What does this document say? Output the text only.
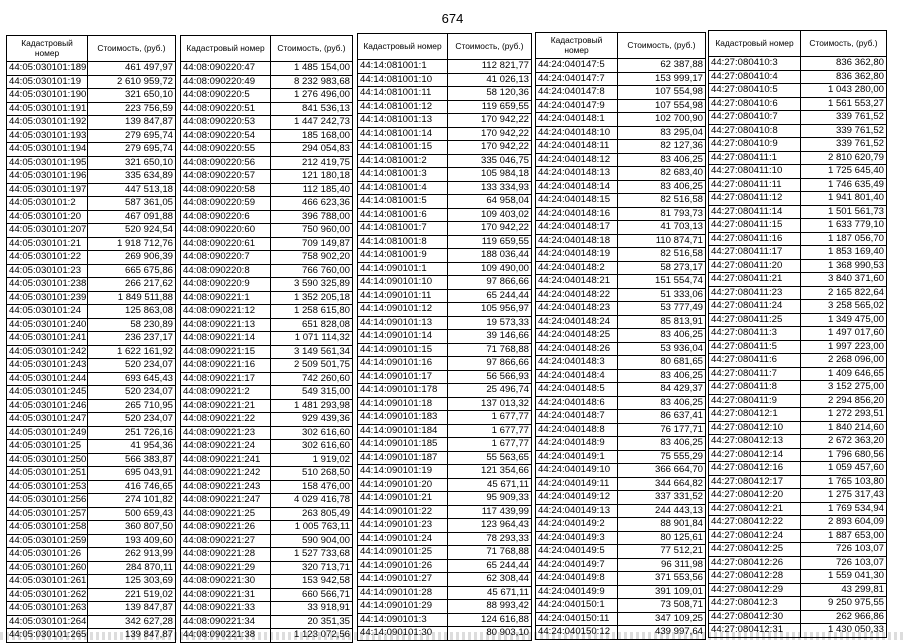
674
Кадастровый номер	Стоимость, (руб.)
44:05:030101:189	461 497,97
44:05:030101:19	2 610 959,72
44:05:030101:190	321 650,10
44:05:030101:191	223 756,59
44:05:030101:192	139 847,87
44:05:030101:193	279 695,74
44:05:030101:194	279 695,74
44:05:030101:195	321 650,10
44:05:030101:196	335 634,89
44:05:030101:197	447 513,18
44:05:030101:2	587 361,05
44:05:030101:20	467 091,88
44:05:030101:207	520 924,54
44:05:030101:21	1 918 712,76
44:05:030101:22	269 906,39
44:05:030101:23	665 675,86
44:05:030101:238	266 217,62
44:05:030101:239	1 849 511,88
44:05:030101:24	125 863,08
44:05:030101:240	58 230,89
44:05:030101:241	236 237,17
44:05:030101:242	1 622 161,92
44:05:030101:243	520 234,07
44:05:030101:244	693 645,43
44:05:030101:245	520 234,07
44:05:030101:246	265 710,95
44:05:030101:247	520 234,07
44:05:030101:249	251 726,16
44:05:030101:25	41 954,36
44:05:030101:250	566 383,87
44:05:030101:251	695 043,91
44:05:030101:253	416 746,65
44:05:030101:256	274 101,82
44:05:030101:257	500 659,43
44:05:030101:258	360 807,50
44:05:030101:259	193 409,60
44:05:030101:26	262 913,99
44:05:030101:260	284 870,11
44:05:030101:261	125 303,69
44:05:030101:262	221 519,02
44:05:030101:263	139 847,87
44:05:030101:264	342 627,28
44:05:030101:265	139 847,87
Кадастровый номер	Стоимость, (руб.)
44:08:090220:47	1 485 154,00
44:08:090220:49	8 232 983,68
44:08:090220:5	1 276 496,00
44:08:090220:51	841 536,13
44:08:090220:53	1 447 242,73
44:08:090220:54	185 168,00
44:08:090220:55	294 054,83
44:08:090220:56	212 419,75
44:08:090220:57	121 180,18
44:08:090220:58	112 185,40
44:08:090220:59	466 623,36
44:08:090220:6	396 788,00
44:08:090220:60	750 960,00
44:08:090220:61	709 149,87
44:08:090220:7	758 902,20
44:08:090220:8	766 760,00
44:08:090220:9	3 590 325,89
44:08:090221:1	1 352 205,18
44:08:090221:12	1 258 615,80
44:08:090221:13	651 828,08
44:08:090221:14	1 071 114,32
44:08:090221:15	3 149 561,34
44:08:090221:16	2 509 501,75
44:08:090221:17	742 260,60
44:08:090221:2	549 315,00
44:08:090221:21	1 481 293,98
44:08:090221:22	929 439,36
44:08:090221:23	302 616,60
44:08:090221:24	302 616,60
44:08:090221:241	1 919,02
44:08:090221:242	510 268,50
44:08:090221:243	158 476,00
44:08:090221:247	4 029 416,78
44:08:090221:25	263 805,49
44:08:090221:26	1 005 763,11
44:08:090221:27	590 904,00
44:08:090221:28	1 527 733,68
44:08:090221:29	320 713,71
44:08:090221:30	153 942,58
44:08:090221:31	660 566,71
44:08:090221:33	33 918,91
44:08:090221:34	20 351,35
44:08:090221:38	1 123 072,56
Кадастровый номер	Стоимость, (руб.)
44:14:081001:1	112 821,77
44:14:081001:10	41 026,13
44:14:081001:11	58 120,36
44:14:081001:12	119 659,55
44:14:081001:13	170 942,22
44:14:081001:14	170 942,22
44:14:081001:15	170 942,22
44:14:081001:2	335 046,75
44:14:081001:3	105 984,18
44:14:081001:4	133 334,93
44:14:081001:5	64 958,04
44:14:081001:6	109 403,02
44:14:081001:7	170 942,22
44:14:081001:8	119 659,55
44:14:081001:9	188 036,44
44:14:090101:1	109 490,00
44:14:090101:10	97 866,66
44:14:090101:11	65 244,44
44:14:090101:12	105 956,97
44:14:090101:13	19 573,33
44:14:090101:14	39 146,66
44:14:090101:15	71 768,88
44:14:090101:16	97 866,66
44:14:090101:17	56 566,93
44:14:090101:178	25 496,74
44:14:090101:18	137 013,32
44:14:090101:183	1 677,77
44:14:090101:184	1 677,77
44:14:090101:185	1 677,77
44:14:090101:187	55 563,65
44:14:090101:19	121 354,66
44:14:090101:20	45 671,11
44:14:090101:21	95 909,33
44:14:090101:22	117 439,99
44:14:090101:23	123 964,43
44:14:090101:24	78 293,33
44:14:090101:25	71 768,88
44:14:090101:26	65 244,44
44:14:090101:27	62 308,44
44:14:090101:28	45 671,11
44:14:090101:29	88 993,42
44:14:090101:3	124 616,88
44:14:090101:30	80 903,10
Кадастровый номер	Стоимость, (руб.)
44:24:040147:5	62 387,88
44:24:040147:7	153 999,17
44:24:040147:8	107 554,98
44:24:040147:9	107 554,98
44:24:040148:1	102 700,90
44:24:040148:10	83 295,04
44:24:040148:11	82 127,36
44:24:040148:12	83 406,25
44:24:040148:13	82 683,40
44:24:040148:14	83 406,25
44:24:040148:15	82 516,58
44:24:040148:16	81 793,73
44:24:040148:17	41 703,13
44:24:040148:18	110 874,71
44:24:040148:19	82 516,58
44:24:040148:2	58 273,17
44:24:040148:21	151 554,74
44:24:040148:22	51 333,06
44:24:040148:23	53 777,49
44:24:040148:24	85 813,91
44:24:040148:25	83 406,25
44:24:040148:26	53 936,04
44:24:040148:3	80 681,65
44:24:040148:4	83 406,25
44:24:040148:5	84 429,37
44:24:040148:6	83 406,25
44:24:040148:7	86 637,41
44:24:040148:8	76 177,71
44:24:040148:9	83 406,25
44:24:040149:1	75 555,29
44:24:040149:10	366 664,70
44:24:040149:11	344 664,82
44:24:040149:12	337 331,52
44:24:040149:13	244 443,13
44:24:040149:2	88 901,84
44:24:040149:3	80 125,61
44:24:040149:5	77 512,21
44:24:040149:7	96 311,98
44:24:040149:8	371 553,56
44:24:040149:9	391 109,01
44:24:040150:1	73 508,71
44:24:040150:11	347 109,25
44:24:040150:12	439 997,64
Кадастровый номер	Стоимость, (руб.)
44:27:080410:3	836 362,80
44:27:080410:4	836 362,80
44:27:080410:5	1 043 280,00
44:27:080410:6	1 561 553,27
44:27:080410:7	339 761,52
44:27:080410:8	339 761,52
44:27:080410:9	339 761,52
44:27:080411:1	2 810 620,79
44:27:080411:10	1 725 645,40
44:27:080411:11	1 746 635,49
44:27:080411:12	1 941 801,40
44:27:080411:14	1 501 561,73
44:27:080411:15	1 633 779,10
44:27:080411:16	1 187 056,70
44:27:080411:17	1 853 169,40
44:27:080411:20	1 368 990,53
44:27:080411:21	3 840 371,60
44:27:080411:23	2 165 822,64
44:27:080411:24	3 258 565,02
44:27:080411:25	1 349 475,00
44:27:080411:3	1 497 017,60
44:27:080411:5	1 997 223,00
44:27:080411:6	2 268 096,00
44:27:080411:7	1 409 646,65
44:27:080411:8	3 152 275,00
44:27:080411:9	2 294 856,20
44:27:080412:1	1 272 293,51
44:27:080412:10	1 840 214,60
44:27:080412:13	2 672 363,20
44:27:080412:14	1 796 680,56
44:27:080412:16	1 059 457,60
44:27:080412:17	1 765 103,80
44:27:080412:20	1 275 317,43
44:27:080412:21	1 769 534,94
44:27:080412:22	2 893 604,09
44:27:080412:24	1 887 653,00
44:27:080412:25	726 103,07
44:27:080412:26	726 103,07
44:27:080412:28	1 559 041,30
44:27:080412:29	43 299,81
44:27:080412:3	9 250 975,55
44:27:080412:30	262 966,86
44:27:080412:31	1 430 050,33
